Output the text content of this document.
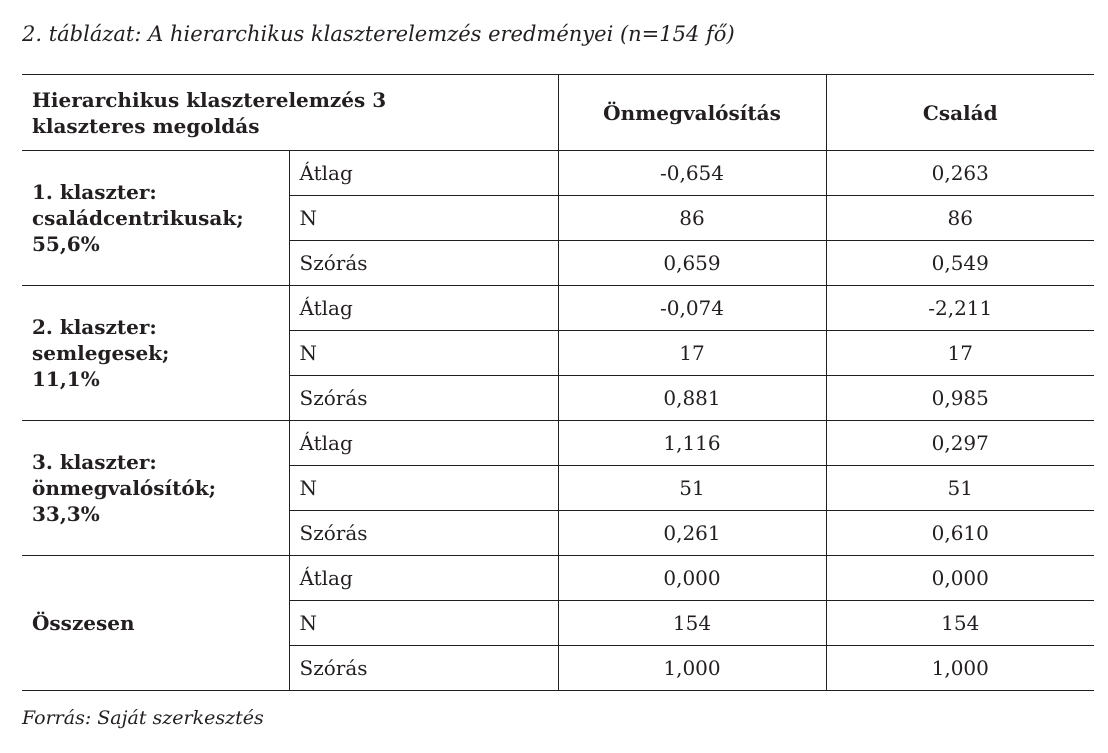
2. táblázat: A hierarchikus klaszterelemzés eredményei (n=154 fő)
Hierarchikus klaszterelemzés 3
klaszteres megoldás		Önmegvalósítás	Család

1. klaszter:
családcentrikusak;
55,6%	Átlag	-0,654	0,263
	N	86	86
	Szórás	0,659	0,549

2. klaszter:
semlegesek;
11,1%	Átlag	-0,074	-2,211
	N	17	17
	Szórás	0,881	0,985

3. klaszter:
önmegvalósítók;
33,3%	Átlag	1,116	0,297
	N	51	51
	Szórás	0,261	0,610

Összesen	Átlag	0,000	0,000
	N	154	154
	Szórás	1,000	1,000
Forrás: Saját szerkesztés
